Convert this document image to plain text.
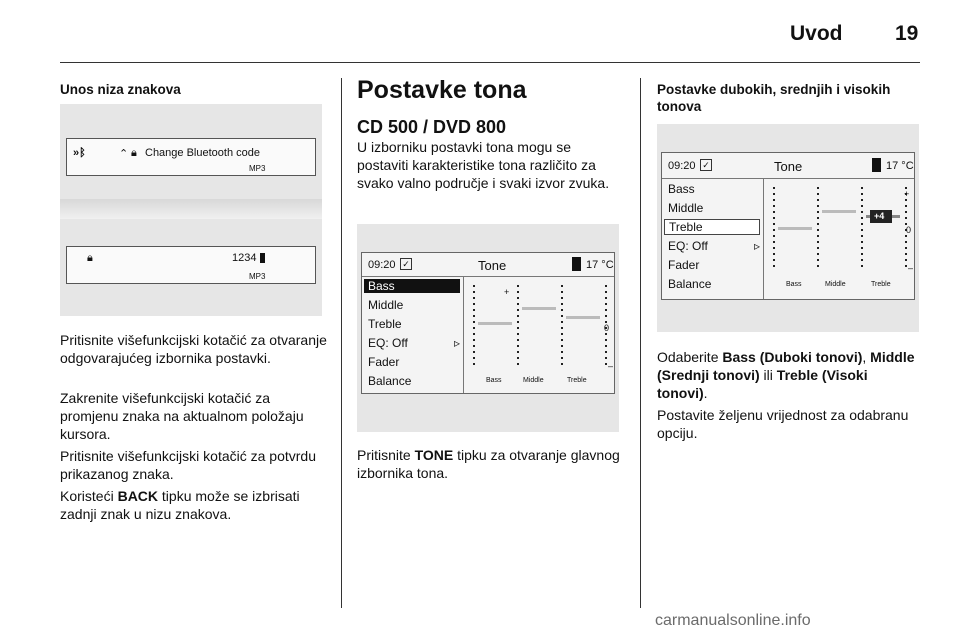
Uvod	19
Unos niza znakova
»ᛒ	⌃ 🔒︎ Change Bluetooth code
MP3
🔒︎	1234
MP3
Pritisnite višefunkcijski kotačić za otvaranje odgovarajućeg izbornika postavki.
Zakrenite višefunkcijski kotačić za promjenu znaka na aktualnom položaju kursora.
Pritisnite višefunkcijski kotačić za potvrdu prikazanog znaka.
Koristeći BACK tipku može se izbrisati zadnji znak u nizu znakova.
Postavke tona
CD 500 / DVD 800
U izborniku postavki tona mogu se postaviti karakteristike tona različito za svako valno područje i svaki izvor zvuka.
09:20 ✓	Tone	17 °C
Bass
Middle
Treble
EQ: Off	▹
Fader
Balance
+
0
–
Bass	Middle	Treble
Pritisnite TONE tipku za otvaranje glavnog izbornika tona.
Postavke dubokih, srednjih i visokih tonova
09:20 ✓	Tone	17 °C
Bass
Middle
Treble
EQ: Off	▹
Fader
Balance
+4
+
0
–
Bass	Middle	Treble
Odaberite Bass (Duboki tonovi), Middle (Srednji tonovi) ili Treble (Visoki tonovi).
Postavite željenu vrijednost za odabranu opciju.
carmanualsonline.info
